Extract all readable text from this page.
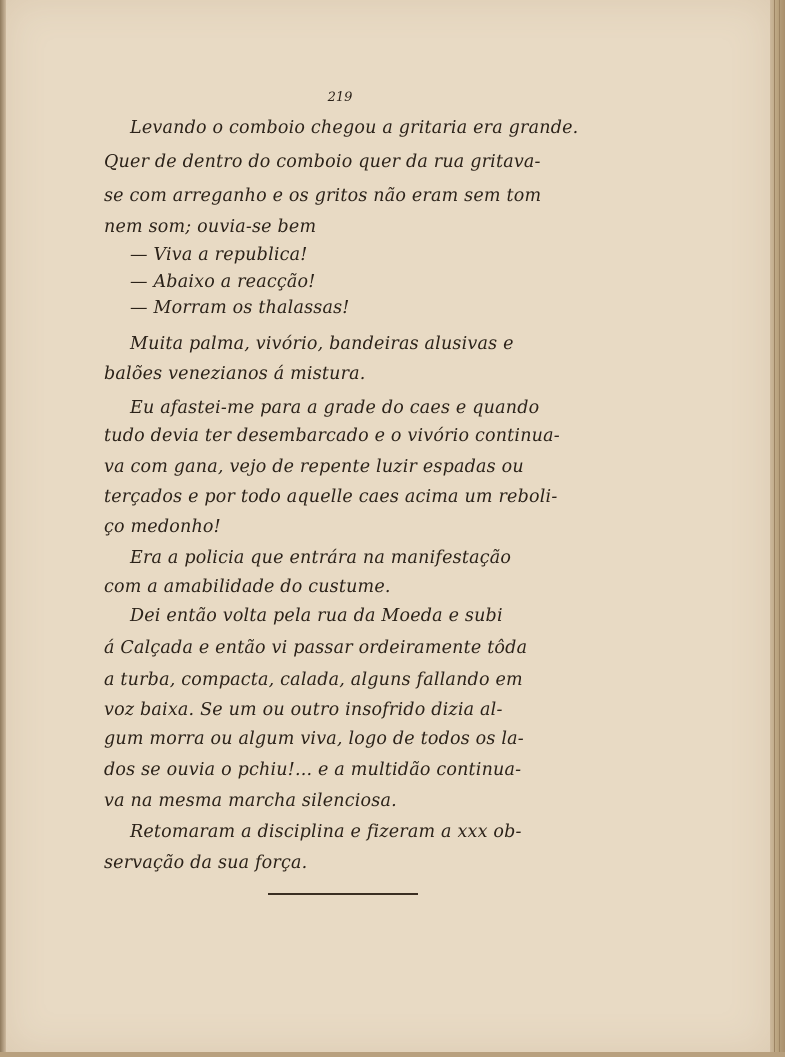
219
Levando o comboio chegou a gritaria era grande.
Quer de dentro do comboio quer da rua gritava-
se com arreganho e os gritos não eram sem tom
nem som; ouvia-se bem
— Viva a republica!
— Abaixo a reacção!
— Morram os thalassas!
Muita palma, vivório, bandeiras alusivas e
balões venezianos á mistura.
Eu afastei-me para a grade do caes e quando
tudo devia ter desembarcado e o vivório continua-
va com gana, vejo de repente luzir espadas ou
terçados e por todo aquelle caes acima um reboli-
ço medonho!
Era a policia que entrára na manifestação
com a amabilidade do custume.
Dei então volta pela rua da Moeda e subi
á Calçada e então vi passar ordeiramente tôda
a turba, compacta, calada, alguns fallando em
voz baixa. Se um ou outro insofrido dizia al-
gum morra ou algum viva, logo de todos os la-
dos se ouvia o pchiu!... e a multidão continua-
va na mesma marcha silenciosa.
Retomaram a disciplina e fizeram a xxx ob-
servação da sua força.
